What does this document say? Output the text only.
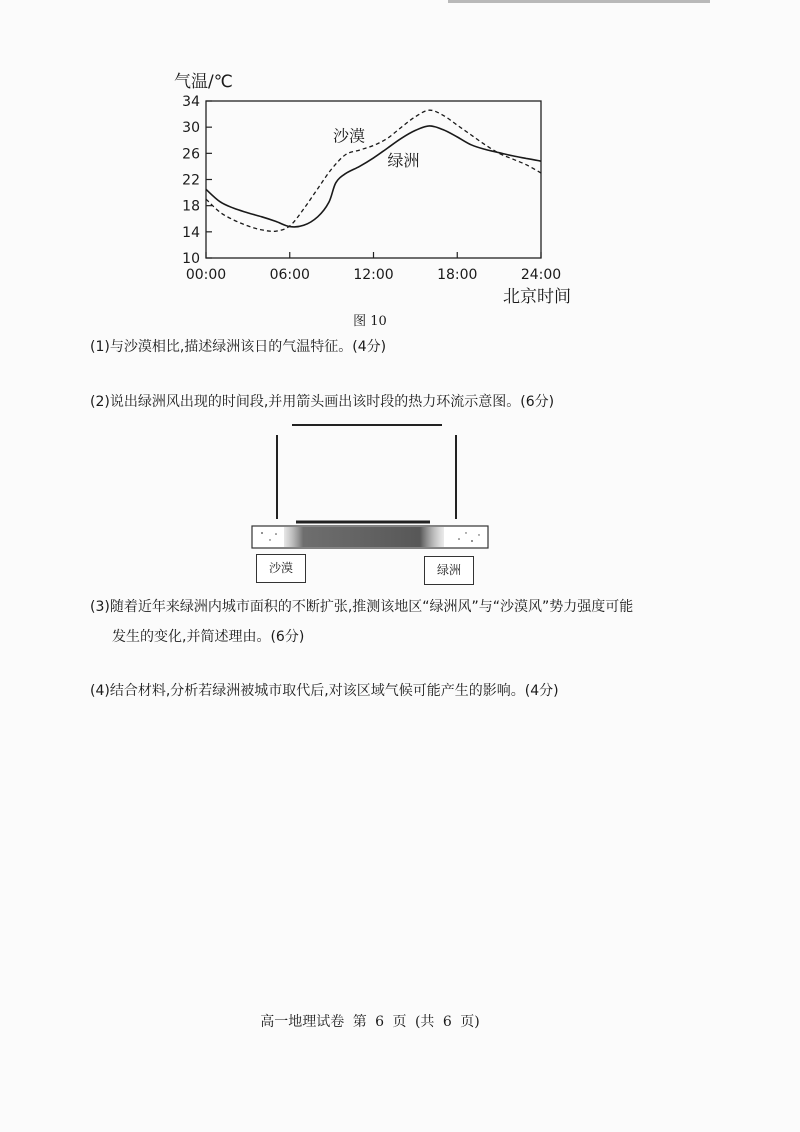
10
14
18
22
26
30
34
00:00	06:00	12:00	18:00	24:00
沙漠
绿洲
气温/℃
北京时间
图 10
(1)与沙漠相比,描述绿洲该日的气温特征。(4分)
(2)说出绿洲风出现的时间段,并用箭头画出该时段的热力环流示意图。(6分)
沙漠	绿洲
(3)随着近年来绿洲内城市面积的不断扩张,推测该地区“绿洲风”与“沙漠风”势力强度可能
发生的变化,并简述理由。(6分)
(4)结合材料,分析若绿洲被城市取代后,对该区域气候可能产生的影响。(4分)
高一地理试卷 第 6 页 (共 6 页)
